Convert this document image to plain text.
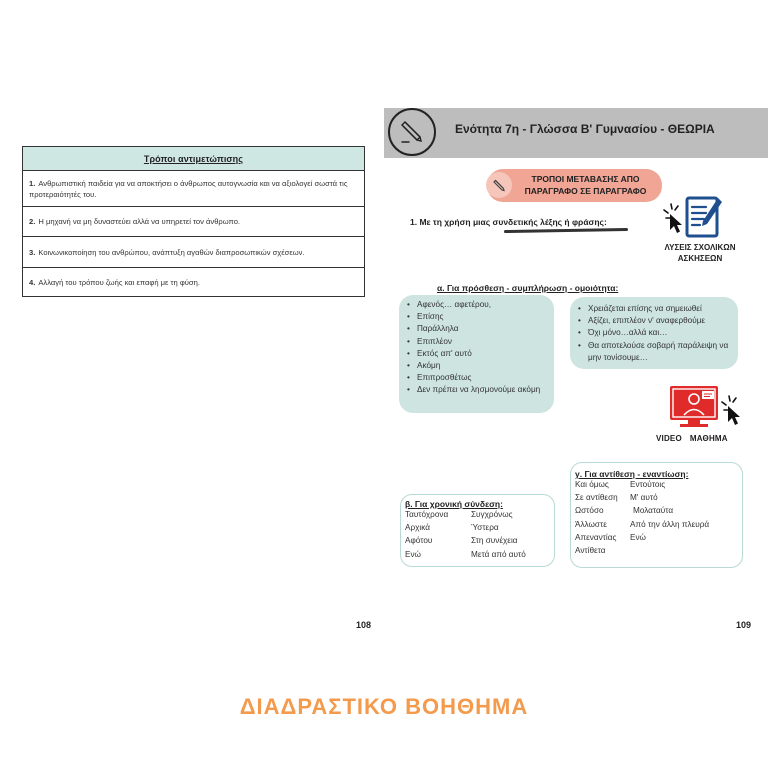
Τρόποι αντιμετώπισης
1. Ανθρωπιστική παιδεία για να αποκτήσει ο άνθρωπος αυτογνωσία και να αξιολογεί σωστά τις προτεραιότητές του.
2. Η μηχανή να μη δυναστεύει αλλά να υπηρετεί τον άνθρωπο.
3. Κοινωνικοποίηση του ανθρώπου, ανάπτυξη αγαθών διαπροσωπικών σχέσεων.
4. Αλλαγή του τρόπου ζωής και επαφή με τη φύση.
108
Ενότητα 7η - Γλώσσα Β' Γυμνασίου - ΘΕΩΡΙΑ
ΤΡΟΠΟΙ ΜΕΤΑΒΑΣΗΣ ΑΠΟ
ΠΑΡΑΓΡΑΦΟ ΣΕ ΠΑΡΑΓΡΑΦΟ
1. Με τη χρήση μιας συνδετικής λέξης ή φράσης:
ΛΥΣΕΙΣ ΣΧΟΛΙΚΩΝ
ΑΣΚΗΣΕΩΝ
α. Για πρόσθεση - συμπλήρωση - ομοιότητα:
• Αφενός… αφετέρου,
• Επίσης
• Παράλληλα
• Επιπλέον
• Εκτός απ' αυτό
• Ακόμη
• Επιπροσθέτως
• Δεν πρέπει να λησμονούμε ακόμη
• Χρειάζεται επίσης να σημειωθεί
• Αξίζει, επιπλέον ν' αναφερθούμε
• Όχι μόνο…αλλά και…
• Θα αποτελούσε σοβαρή παράλειψη να μην τονίσουμε…
VIDEO ΜΑΘΗΜΑ
γ. Για αντίθεση - εναντίωση:
Και όμως	Εντούτοις
Σε αντίθεση	Μ' αυτό
Ωστόσο	Μολαταύτα
Άλλωστε	Από την άλλη πλευρά
Απεναντίας	Ενώ
Αντίθετα
β. Για χρονική σύνδεση:
Ταυτόχρονα	Συγχρόνως
Αρχικά	Ύστερα
Αφότου	Στη συνέχεια
Ενώ	Μετά από αυτό
109
ΔΙΑΔΡΑΣΤΙΚΟ ΒΟΗΘΗΜΑ
